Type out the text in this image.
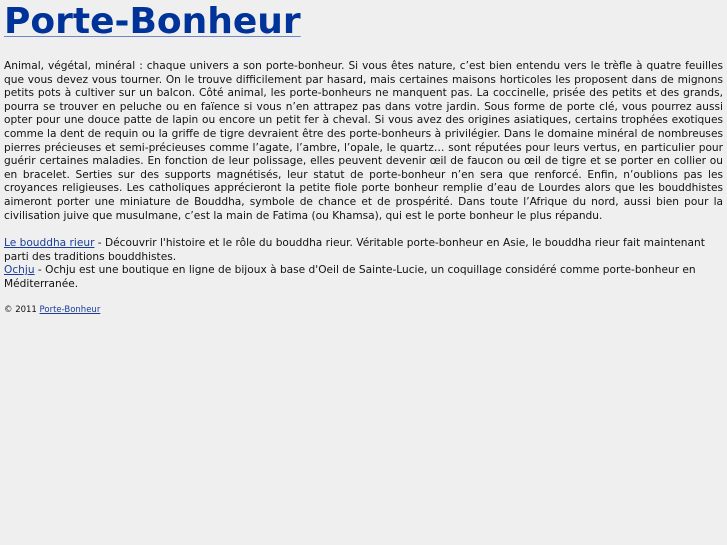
Porte-Bonheur

Animal, végétal, minéral : chaque univers a son porte-bonheur. Si vous êtes nature, c’est bien entendu vers le trèfle à quatre feuilles que vous devez vous tourner. On le trouve difficilement par hasard, mais certaines maisons horticoles les proposent dans de mignons petits pots à cultiver sur un balcon. Côté animal, les porte-bonheurs ne manquent pas. La coccinelle, prisée des petits et des grands, pourra se trouver en peluche ou en faïence si vous n’en attrapez pas dans votre jardin. Sous forme de porte clé, vous pourrez aussi opter pour une douce patte de lapin ou encore un petit fer à cheval. Si vous avez des origines asiatiques, certains trophées exotiques comme la dent de requin ou la griffe de tigre devraient être des porte-bonheurs à privilégier. Dans le domaine minéral de nombreuses pierres précieuses et semi-précieuses comme l’agate, l’ambre, l’opale, le quartz… sont réputées pour leurs vertus, en particulier pour guérir certaines maladies. En fonction de leur polissage, elles peuvent devenir œil de faucon ou œil de tigre et se porter en collier ou en bracelet. Serties sur des supports magnétisés, leur statut de porte-bonheur n’en sera que renforcé. Enfin, n’oublions pas les croyances religieuses. Les catholiques apprécieront la petite fiole porte bonheur remplie d’eau de Lourdes alors que les bouddhistes aimeront porter une miniature de Bouddha, symbole de chance et de prospérité. Dans toute l’Afrique du nord, aussi bien pour la civilisation juive que musulmane, c’est la main de Fatima (ou Khamsa), qui est le porte bonheur le plus répandu.

Le bouddha rieur - Découvrir l'histoire et le rôle du bouddha rieur. Véritable porte-bonheur en Asie, le bouddha rieur fait maintenant parti des traditions bouddhistes.
Ochju - Ochju est une boutique en ligne de bijoux à base d'Oeil de Sainte-Lucie, un coquillage considéré comme porte-bonheur en Méditerranée.
© 2011 Porte-Bonheur
